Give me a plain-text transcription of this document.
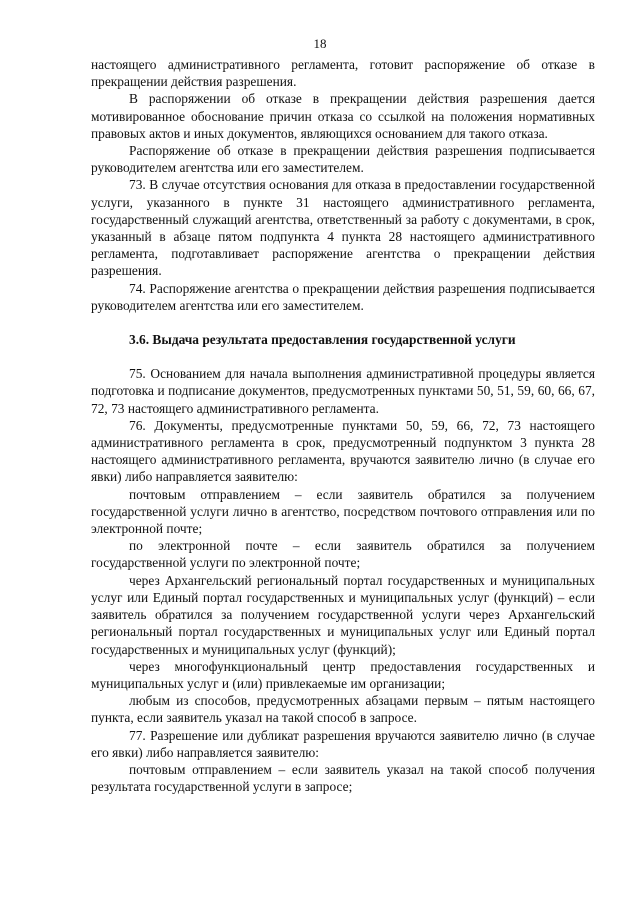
18

настоящего административного регламента, готовит распоряжение об отказе в прекращении действия разрешения.

В распоряжении об отказе в прекращении действия разрешения дается мотивированное обоснование причин отказа со ссылкой на положения нормативных правовых актов и иных документов, являющихся основанием для такого отказа.

Распоряжение об отказе в прекращении действия разрешения подписывается руководителем агентства или его заместителем.

73. В случае отсутствия основания для отказа в предоставлении государственной услуги, указанного в пункте 31 настоящего административного регламента, государственный служащий агентства, ответственный за работу с документами, в срок, указанный в абзаце пятом подпункта 4 пункта 28 настоящего административного регламента, подготавливает распоряжение агентства о прекращении действия разрешения.

74. Распоряжение агентства о прекращении действия разрешения подписывается руководителем агентства или его заместителем.

3.6. Выдача результата предоставления государственной услуги

75. Основанием для начала выполнения административной процедуры является подготовка и подписание документов, предусмотренных пунктами 50, 51, 59, 60, 66, 67, 72, 73 настоящего административного регламента.

76. Документы, предусмотренные пунктами 50, 59, 66, 72, 73 настоящего административного регламента в срок, предусмотренный подпунктом 3 пункта 28 настоящего административного регламента, вручаются заявителю лично (в случае его явки) либо направляется заявителю:

почтовым отправлением – если заявитель обратился за получением государственной услуги лично в агентство, посредством почтового отправления или по электронной почте;

по электронной почте – если заявитель обратился за получением государственной услуги по электронной почте;

через Архангельский региональный портал государственных и муниципальных услуг или Единый портал государственных и муниципальных услуг (функций) – если заявитель обратился за получением государственной услуги через Архангельский региональный портал государственных и муниципальных услуг или Единый портал государственных и муниципальных услуг (функций);

через многофункциональный центр предоставления государственных и муниципальных услуг и (или) привлекаемые им организации;

любым из способов, предусмотренных абзацами первым – пятым настоящего пункта, если заявитель указал на такой способ в запросе.

77. Разрешение или дубликат разрешения вручаются заявителю лично (в случае его явки) либо направляется заявителю:

почтовым отправлением – если заявитель указал на такой способ получения результата государственной услуги в запросе;
